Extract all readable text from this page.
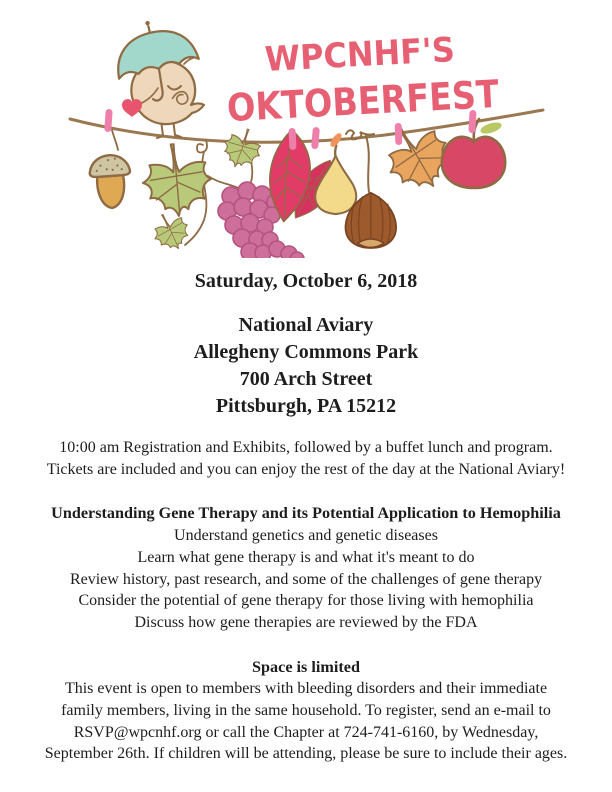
WPCNHF'S
OKTOBERFEST
Saturday, October 6, 2018
National Aviary
Allegheny Commons Park
700 Arch Street
Pittsburgh, PA 15212
10:00 am Registration and Exhibits, followed by a buffet lunch and program.
Tickets are included and you can enjoy the rest of the day at the National Aviary!
Understanding Gene Therapy and its Potential Application to Hemophilia
Understand genetics and genetic diseases
Learn what gene therapy is and what it's meant to do
Review history, past research, and some of the challenges of gene therapy
Consider the potential of gene therapy for those living with hemophilia
Discuss how gene therapies are reviewed by the FDA
Space is limited
This event is open to members with bleeding disorders and their immediate
family members, living in the same household. To register, send an e-mail to
RSVP@wpcnhf.org or call the Chapter at 724-741-6160, by Wednesday,
September 26th. If children will be attending, please be sure to include their ages.
